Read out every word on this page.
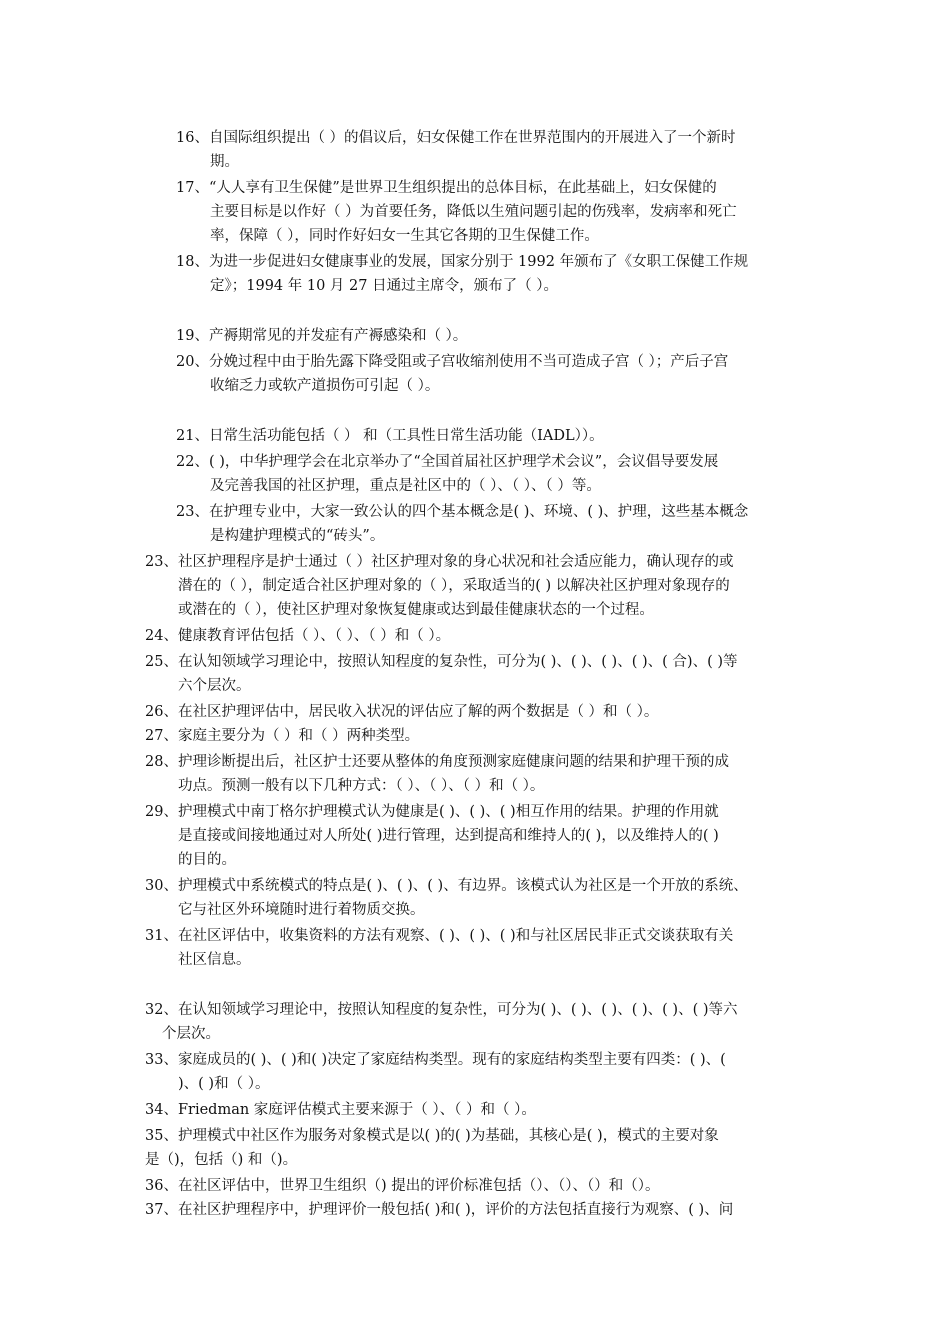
16、自国际组织提出（ ）的倡议后，妇女保健工作在世界范围内的开展进入了一个新时

期。

17、“人人享有卫生保健”是世界卫生组织提出的总体目标，在此基础上，妇女保健的

主要目标是以作好（ ）为首要任务，降低以生殖问题引起的伤残率，发病率和死亡

率，保障（ ），同时作好妇女一生其它各期的卫生保健工作。

18、为进一步促进妇女健康事业的发展，国家分别于 1992 年颁布了《女职工保健工作规

定》；1994 年 10 月 27 日通过主席令，颁布了（ ）。

19、产褥期常见的并发症有产褥感染和（ ）。

20、分娩过程中由于胎先露下降受阻或子宫收缩剂使用不当可造成子宫（ ）；产后子宫

收缩乏力或软产道损伤可引起（ ）。

21、日常生活功能包括（ ） 和（工具性日常生活功能（IADL））。

22、( )，中华护理学会在北京举办了“全国首届社区护理学术会议”，会议倡导要发展

及完善我国的社区护理，重点是社区中的（ ）、（ ）、（ ）等。

23、在护理专业中，大家一致公认的四个基本概念是( )、环境、( )、护理，这些基本概念

是构建护理模式的“砖头”。

23、社区护理程序是护士通过（ ）社区护理对象的身心状况和社会适应能力，确认现存的或

潜在的（ ），制定适合社区护理对象的（ ），采取适当的( ) 以解决社区护理对象现存的

或潜在的（ ），使社区护理对象恢复健康或达到最佳健康状态的一个过程。

24、健康教育评估包括（ ）、（ ）、（ ）和（ ）。

25、在认知领域学习理论中，按照认知程度的复杂性，可分为( )、( )、( )、( )、( 合)、( )等

六个层次。

26、在社区护理评估中，居民收入状况的评估应了解的两个数据是（ ）和（ ）。

27、家庭主要分为（ ）和（ ）两种类型。

28、护理诊断提出后，社区护士还要从整体的角度预测家庭健康问题的结果和护理干预的成

功点。预测一般有以下几种方式：（ ）、（ ）、（ ）和（ ）。

29、护理模式中南丁格尔护理模式认为健康是( )、( )、( )相互作用的结果。护理的作用就

是直接或间接地通过对人所处( )进行管理，达到提高和维持人的( )，以及维持人的( )

的目的。

30、护理模式中系统模式的特点是( )、( )、( )、有边界。该模式认为社区是一个开放的系统、

它与社区外环境随时进行着物质交换。

31、在社区评估中，收集资料的方法有观察、( )、( )、( )和与社区居民非正式交谈获取有关

社区信息。

32、在认知领域学习理论中，按照认知程度的复杂性，可分为( )、( )、( )、( )、( )、( )等六

个层次。

33、家庭成员的( )、( )和( )决定了家庭结构类型。现有的家庭结构类型主要有四类：( )、(

)、( )和（ ）。

34、Friedman 家庭评估模式主要来源于（ ）、（ ）和（ ）。

35、护理模式中社区作为服务对象模式是以( )的( )为基础，其核心是( )，模式的主要对象

是（)，包括（) 和（)。

36、在社区评估中，世界卫生组织（) 提出的评价标准包括（）、（）、（）和（）。

37、在社区护理程序中，护理评价一般包括( )和( )，评价的方法包括直接行为观察、( )、问
